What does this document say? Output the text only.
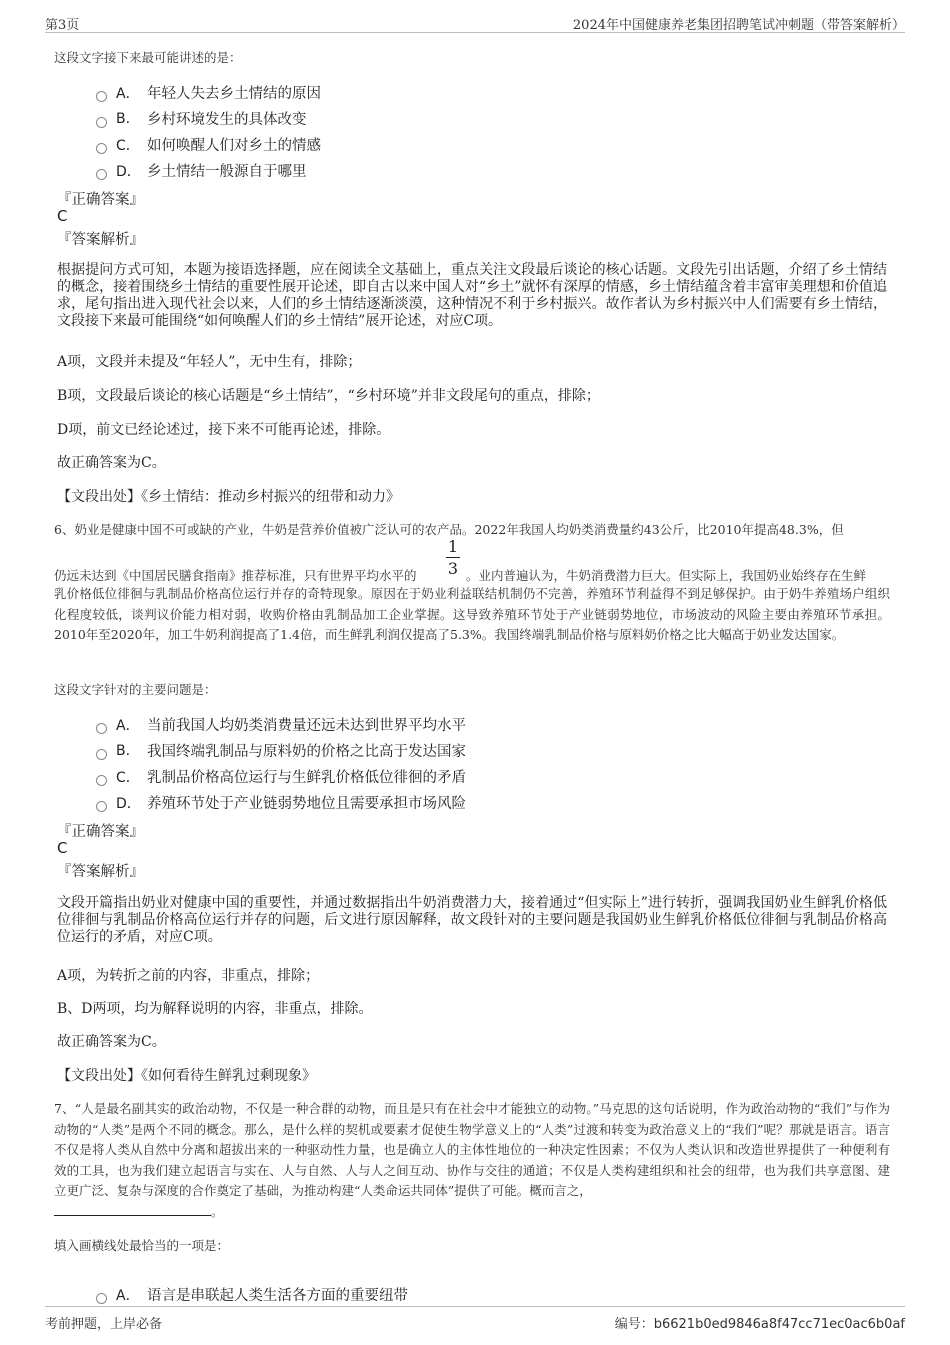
第3页	2024年中国健康养老集团招聘笔试冲刺题（带答案解析）
这段文字接下来最可能讲述的是：
A． 年轻人失去乡土情结的原因
B.	乡村环境发生的具体改变
C． 如何唤醒人们对乡土的情感
D． 乡土情结一般源自于哪里
『正确答案』
C
『答案解析』
根据提问方式可知，本题为接语选择题，应在阅读全文基础上，重点关注文段最后谈论的核心话题。文段先引出话题，介绍了乡土情结的概念，接着围绕乡土情结的重要性展开论述，即自古以来中国人对“乡土”就怀有深厚的情感，乡土情结蕴含着丰富审美理想和价值追求，尾句指出进入现代社会以来，人们的乡土情结逐渐淡漠，这种情况不利于乡村振兴。故作者认为乡村振兴中人们需要有乡土情结，文段接下来最可能围绕“如何唤醒人们的乡土情结”展开论述，对应C项。
A项，文段并未提及“年轻人”，无中生有，排除；
B项，文段最后谈论的核心话题是“乡土情结”，“乡村环境”并非文段尾句的重点，排除；
D项，前文已经论述过，接下来不可能再论述，排除。
故正确答案为C。
【文段出处】《乡土情结：推动乡村振兴的纽带和动力》
6、奶业是健康中国不可或缺的产业，牛奶是营养价值被广泛认可的农产品。2022年我国人均奶类消费量约43公斤，比2010年提高48.3%，但
1
3
仍远未达到《中国居民膳食指南》推荐标准，只有世界平均水平的	。业内普遍认为，牛奶消费潜力巨大。但实际上，我国奶业始终存在生鲜
乳价格低位徘徊与乳制品价格高位运行并存的奇特现象。原因在于奶业利益联结机制仍不完善，养殖环节利益得不到足够保护。由于奶牛养殖场户组织化程度较低，谈判议价能力相对弱，收购价格由乳制品加工企业掌握。这导致养殖环节处于产业链弱势地位，市场波动的风险主要由养殖环节承担。2010年至2020年，加工牛奶利润提高了1.4倍，而生鲜乳利润仅提高了5.3%。我国终端乳制品价格与原料奶价格之比大幅高于奶业发达国家。
这段文字针对的主要问题是：
A． 当前我国人均奶类消费量还远未达到世界平均水平
B.	我国终端乳制品与原料奶的价格之比高于发达国家
C． 乳制品价格高位运行与生鲜乳价格低位徘徊的矛盾
D． 养殖环节处于产业链弱势地位且需要承担市场风险
『正确答案』
C
『答案解析』
文段开篇指出奶业对健康中国的重要性，并通过数据指出牛奶消费潜力大，接着通过“但实际上”进行转折，强调我国奶业生鲜乳价格低位徘徊与乳制品价格高位运行并存的问题，后文进行原因解释，故文段针对的主要问题是我国奶业生鲜乳价格低位徘徊与乳制品价格高位运行的矛盾，对应C项。
A项，为转折之前的内容，非重点，排除；
B、D两项，均为解释说明的内容，非重点，排除。
故正确答案为C。
【文段出处】《如何看待生鲜乳过剩现象》
7、“人是最名副其实的政治动物，不仅是一种合群的动物，而且是只有在社会中才能独立的动物。”马克思的这句话说明，作为政治动物的“我们”与作为动物的“人类”是两个不同的概念。那么，是什么样的契机或要素才促使生物学意义上的“人类”过渡和转变为政治意义上的“我们”呢？那就是语言。语言不仅是将人类从自然中分离和超拔出来的一种驱动性力量，也是确立人的主体性地位的一种决定性因素；不仅为人类认识和改造世界提供了一种便利有效的工具，也为我们建立起语言与实在、人与自然、人与人之间互动、协作与交往的通道；不仅是人类构建组织和社会的纽带，也为我们共享意图、建立更广泛、复杂与深度的合作奠定了基础，为推动构建“人类命运共同体”提供了可能。概而言之，
。
填入画横线处最恰当的一项是：
A． 语言是串联起人类生活各方面的重要纽带
考前押题，上岸必备	编号：b6621b0ed9846a8f47cc71ec0ac6b0af
